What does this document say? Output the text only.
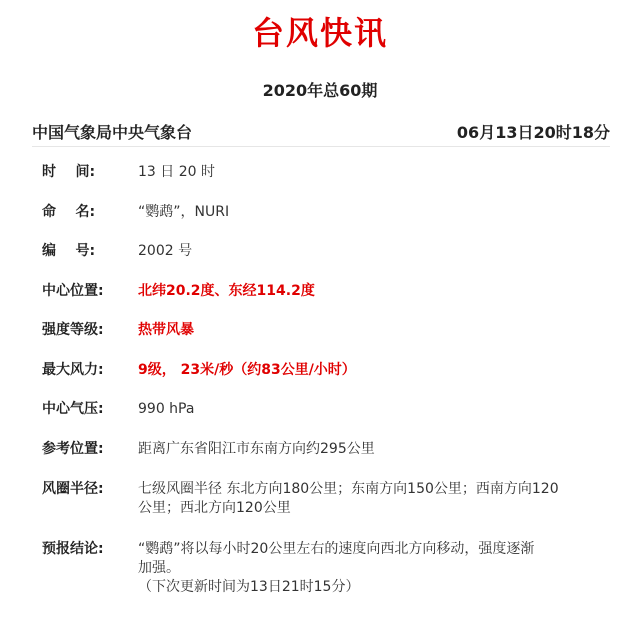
台风快讯
2020年总60期
中国气象局中央气象台	06月13日20时18分
时    间:	13 日 20 时
命    名:	“鹦鹉”，NURI
编    号:	2002 号
中心位置:	北纬20.2度、东经114.2度
强度等级:	热带风暴
最大风力:	9级， 23米/秒（约83公里/小时）
中心气压:	990 hPa
参考位置:	距离广东省阳江市东南方向约295公里
风圈半径:	七级风圈半径 东北方向180公里；东南方向150公里；西南方向120
公里；西北方向120公里
预报结论:	“鹦鹉”将以每小时20公里左右的速度向西北方向移动，强度逐渐
加强。
（下次更新时间为13日21时15分）
